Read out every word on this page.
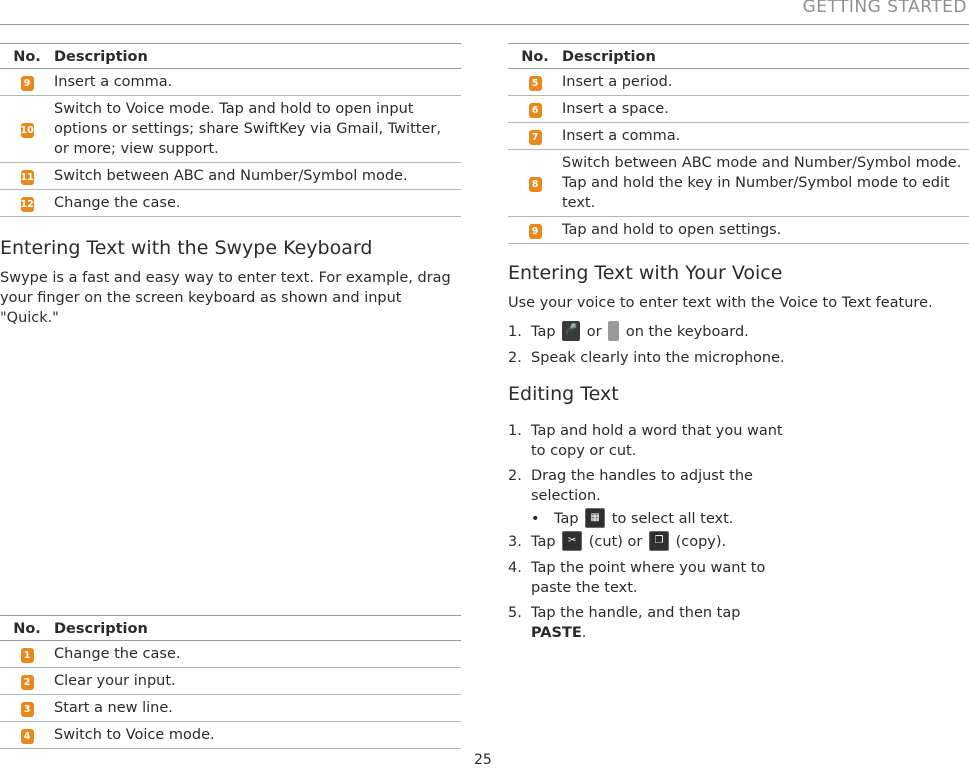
GETTING STARTED
No.	Description
9	Insert a comma.
10	Switch to Voice mode. Tap and hold to open input
options or settings; share SwiftKey via Gmail, Twitter,
or more; view support.

11	Switch between ABC and Number/Symbol mode.
12	Change the case.
Entering Text with the Swype Keyboard
Swype is a fast and easy way to enter text. For example, drag
your finger on the screen keyboard as shown and input
"Quick."
No.	Description
1	Change the case.
2	Clear your input.
3	Start a new line.
4	Switch to Voice mode.
No.	Description
5	Insert a period.
6	Insert a space.
7	Insert a comma.
8	Switch between ABC mode and Number/Symbol mode.
Tap and hold the key in Number/Symbol mode to edit
text.

9	Tap and hold to open settings.
Entering Text with Your Voice
Use your voice to enter text with the Voice to Text feature.
1. Tap 🎤 or on the keyboard.
2. Speak clearly into the microphone.
Editing Text
1. Tap and hold a word that you want
to copy or cut.
2. Drag the handles to adjust the
selection.
• Tap	▦ to select all text.
3. Tap	✂ (cut) or	❐ (copy).
4. Tap the point where you want to
paste the text.
5. Tap the handle, and then tap
PASTE.
25
